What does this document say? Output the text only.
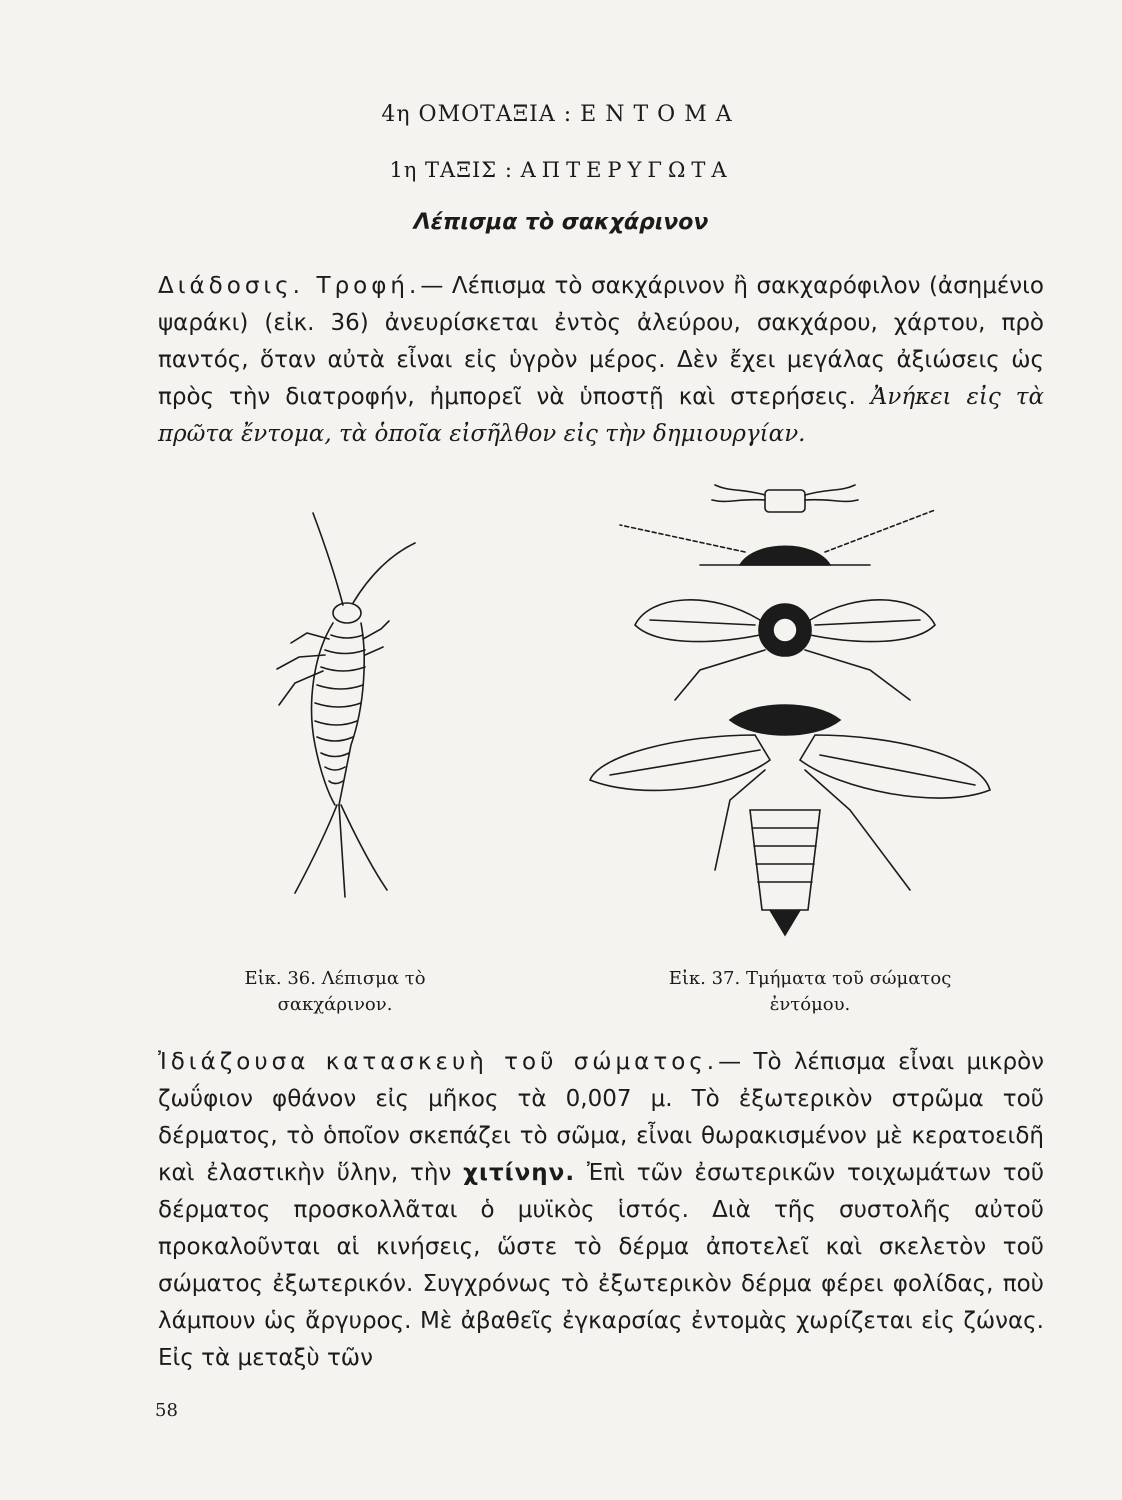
4η ΟΜΟΤΑΞΙΑ : ΕΝΤΟΜΑ
1η ΤΑΞΙΣ : ΑΠΤΕΡΥΓΩΤΑ
Λέπισμα τὸ σακχάρινον

Διάδοσις. Τροφή.— Λέπισμα τὸ σακχάρινον ἢ σακχαρόφιλον (ἀσημένιο ψαράκι) (εἰκ. 36) ἀνευρίσκεται ἐντὸς ἀλεύρου, σακχάρου, χάρτου, πρὸ παντός, ὅταν αὐτὰ εἶναι εἰς ὑγρὸν μέρος. Δὲν ἔχει μεγάλας ἀξιώσεις ὡς πρὸς τὴν διατροφήν, ἠμπορεῖ νὰ ὑποστῇ καὶ στερήσεις. Ἀνήκει εἰς τὰ πρῶτα ἔντομα, τὰ ὁποῖα εἰσῆλθον εἰς τὴν δημιουργίαν.

Εἰκ. 36. Λέπισμα τὸ
σακχάρινον.
Εἰκ. 37. Τμήματα τοῦ σώματος
ἐντόμου.

Ἰδιάζουσα κατασκευὴ τοῦ σώματος.— Τὸ λέπισμα εἶναι μικρὸν ζωΰφιον φθάνον εἰς μῆκος τὰ 0,007 μ. Τὸ ἐξωτερικὸν στρῶμα τοῦ δέρματος, τὸ ὁποῖον σκεπάζει τὸ σῶμα, εἶναι θωρακισμένον μὲ κερατοειδῆ καὶ ἐλαστικὴν ὕλην, τὴν χιτίνην. Ἐπὶ τῶν ἐσωτερικῶν τοιχωμάτων τοῦ δέρματος προσκολλᾶται ὁ μυϊκὸς ἱστός. Διὰ τῆς συστολῆς αὐτοῦ προκαλοῦνται αἱ κινήσεις, ὥστε τὸ δέρμα ἀποτελεῖ καὶ σκελετὸν τοῦ σώματος ἐξωτερικόν. Συγχρόνως τὸ ἐξωτερικὸν δέρμα φέρει φολίδας, ποὺ λάμπουν ὡς ἄργυρος. Μὲ ἀβαθεῖς ἐγκαρσίας ἐντομὰς χωρίζεται εἰς ζώνας. Εἰς τὰ μεταξὺ τῶν

58
